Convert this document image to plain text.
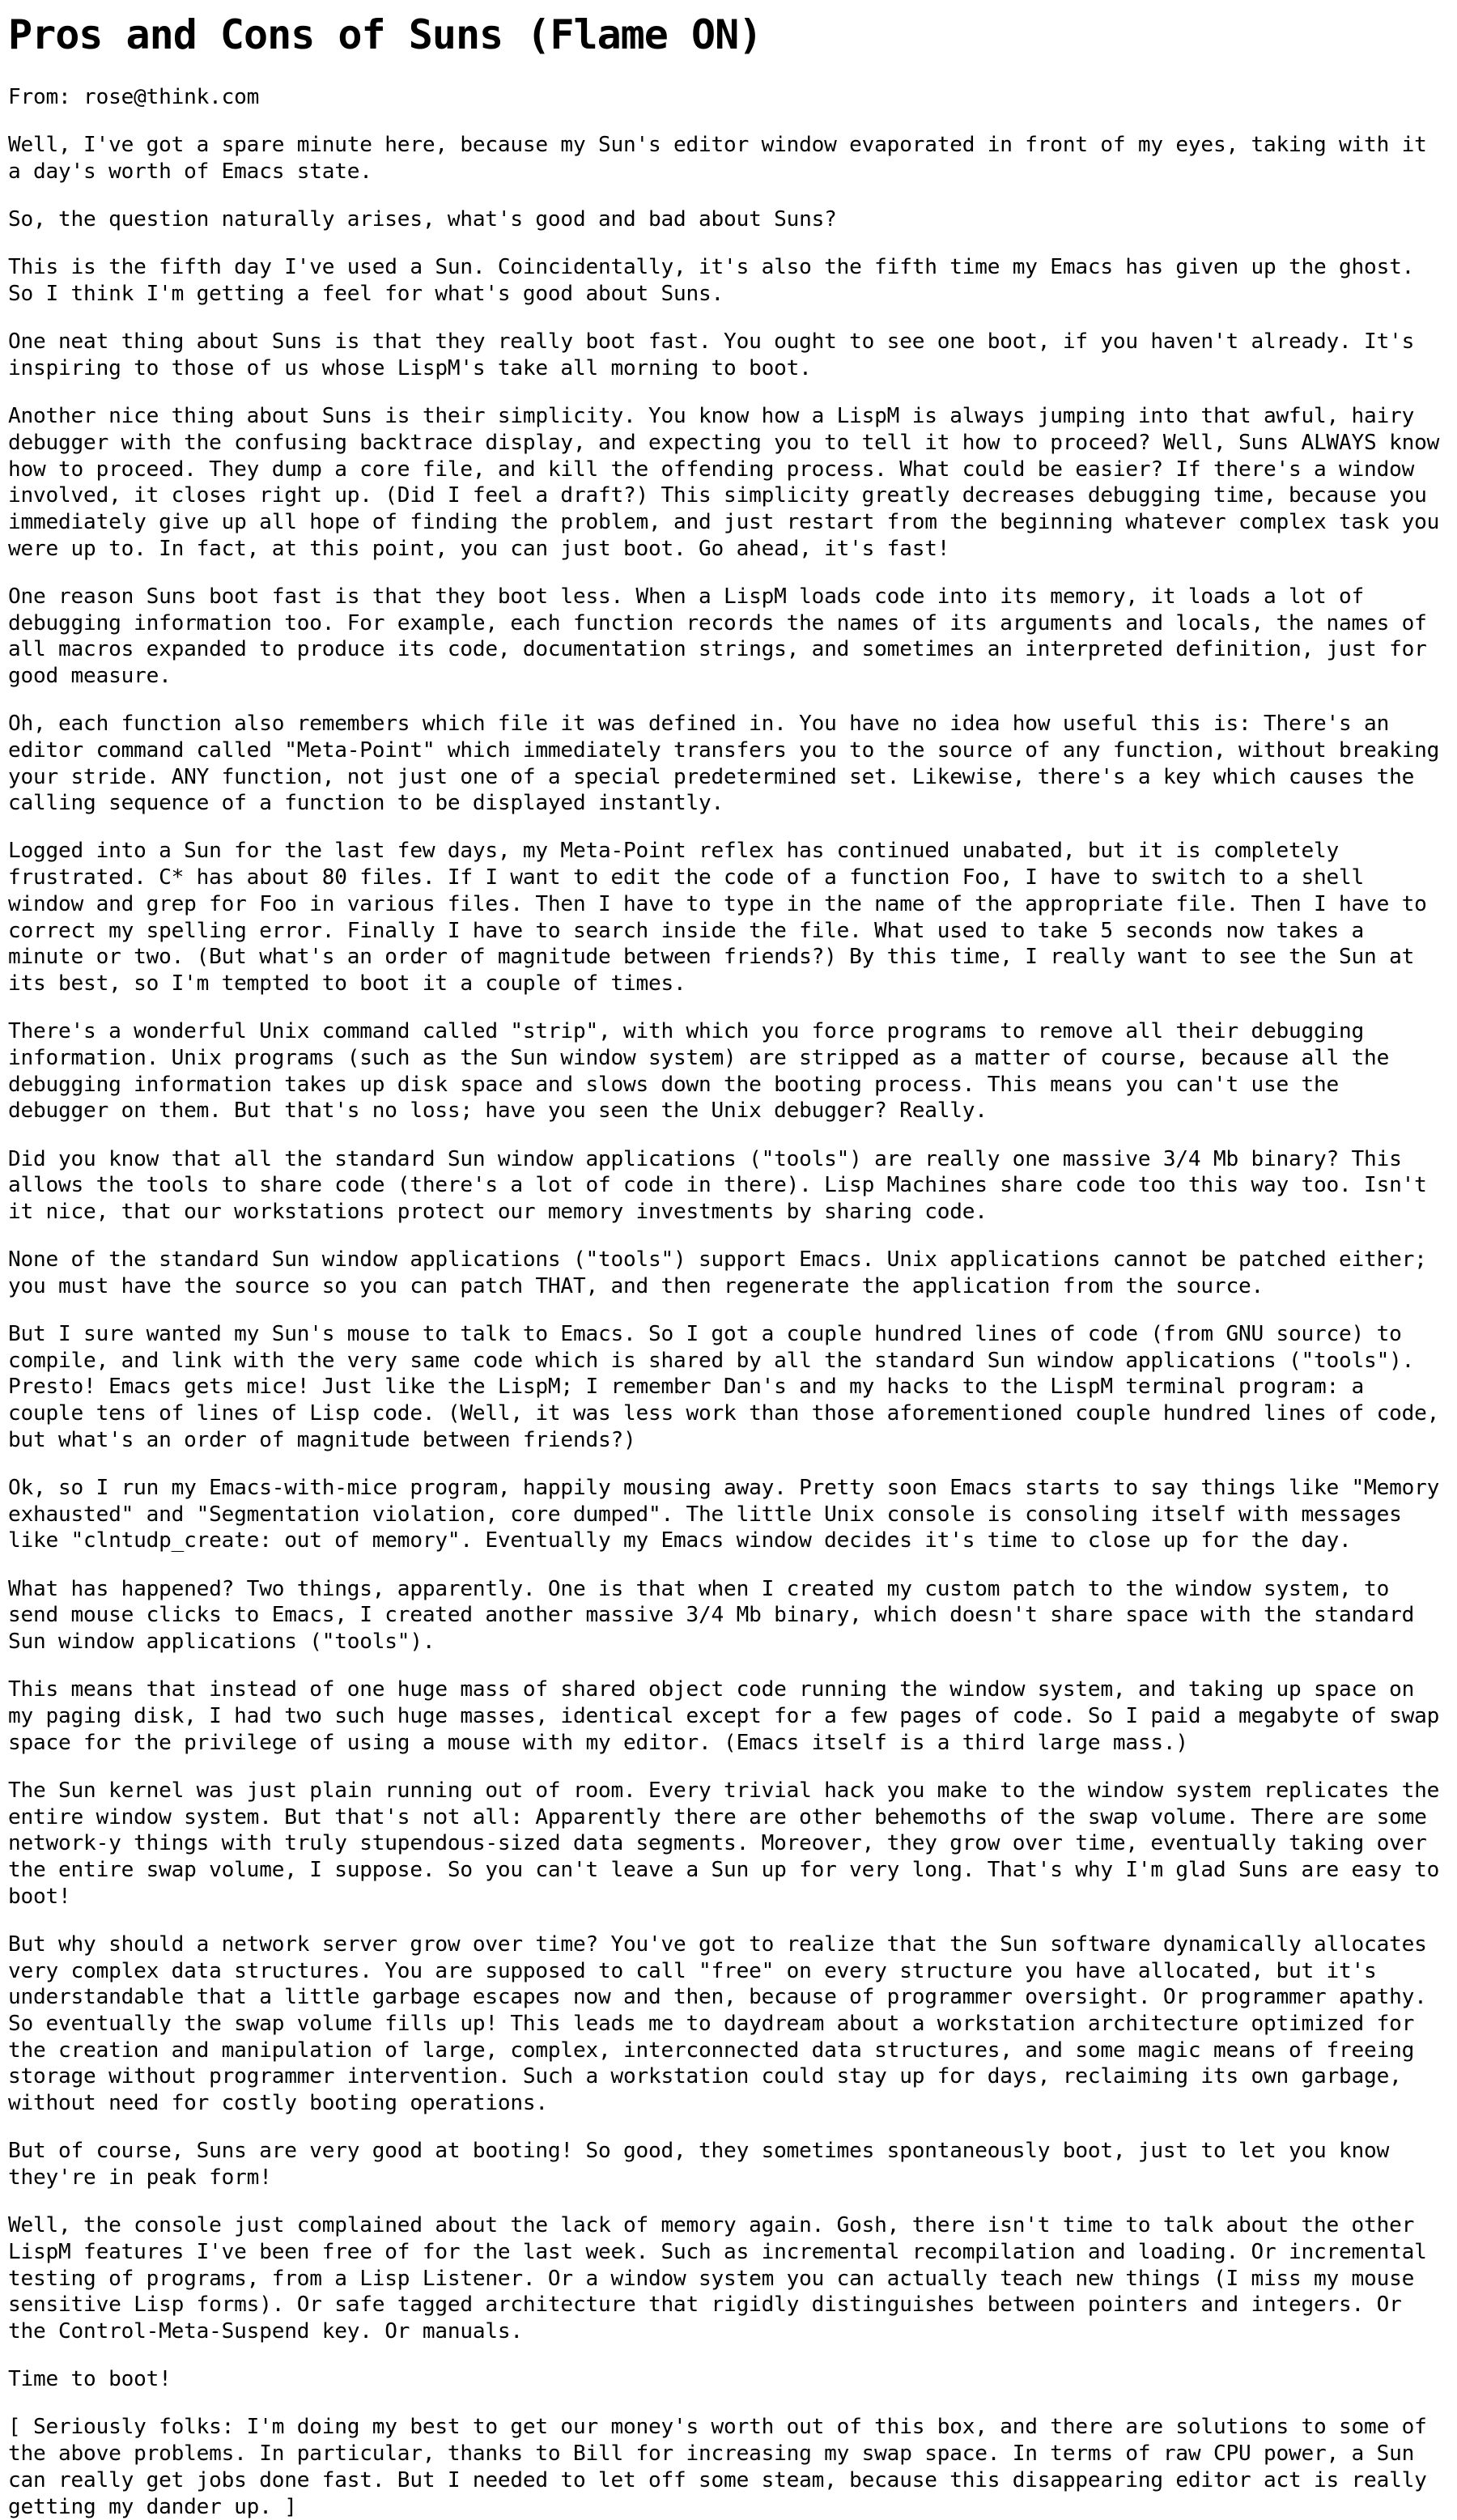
Pros and Cons of Suns (Flame ON)

From: rose@think.com

Well, I've got a spare minute here, because my Sun's editor window evaporated in front of my eyes, taking with it a day's worth of Emacs state.

So, the question naturally arises, what's good and bad about Suns?

This is the fifth day I've used a Sun. Coincidentally, it's also the fifth time my Emacs has given up the ghost. So I think I'm getting a feel for what's good about Suns.

One neat thing about Suns is that they really boot fast. You ought to see one boot, if you haven't already. It's inspiring to those of us whose LispM's take all morning to boot.

Another nice thing about Suns is their simplicity. You know how a LispM is always jumping into that awful, hairy debugger with the confusing backtrace display, and expecting you to tell it how to proceed? Well, Suns ALWAYS know how to proceed. They dump a core file, and kill the offending process. What could be easier? If there's a window involved, it closes right up. (Did I feel a draft?) This simplicity greatly decreases debugging time, because you immediately give up all hope of finding the problem, and just restart from the beginning whatever complex task you were up to. In fact, at this point, you can just boot. Go ahead, it's fast!

One reason Suns boot fast is that they boot less. When a LispM loads code into its memory, it loads a lot of debugging information too. For example, each function records the names of its arguments and locals, the names of all macros expanded to produce its code, documentation strings, and sometimes an interpreted definition, just for good measure.

Oh, each function also remembers which file it was defined in. You have no idea how useful this is: There's an editor command called "Meta-Point" which immediately transfers you to the source of any function, without breaking your stride. ANY function, not just one of a special predetermined set. Likewise, there's a key which causes the calling sequence of a function to be displayed instantly.

Logged into a Sun for the last few days, my Meta-Point reflex has continued unabated, but it is completely frustrated. C* has about 80 files. If I want to edit the code of a function Foo, I have to switch to a shell window and grep for Foo in various files. Then I have to type in the name of the appropriate file. Then I have to correct my spelling error. Finally I have to search inside the file. What used to take 5 seconds now takes a minute or two. (But what's an order of magnitude between friends?) By this time, I really want to see the Sun at its best, so I'm tempted to boot it a couple of times.

There's a wonderful Unix command called "strip", with which you force programs to remove all their debugging information. Unix programs (such as the Sun window system) are stripped as a matter of course, because all the debugging information takes up disk space and slows down the booting process. This means you can't use the debugger on them. But that's no loss; have you seen the Unix debugger? Really.

Did you know that all the standard Sun window applications ("tools") are really one massive 3/4 Mb binary? This allows the tools to share code (there's a lot of code in there). Lisp Machines share code too this way too. Isn't it nice, that our workstations protect our memory investments by sharing code.

None of the standard Sun window applications ("tools") support Emacs. Unix applications cannot be patched either; you must have the source so you can patch THAT, and then regenerate the application from the source.

But I sure wanted my Sun's mouse to talk to Emacs. So I got a couple hundred lines of code (from GNU source) to compile, and link with the very same code which is shared by all the standard Sun window applications ("tools"). Presto! Emacs gets mice! Just like the LispM; I remember Dan's and my hacks to the LispM terminal program: a couple tens of lines of Lisp code. (Well, it was less work than those aforementioned couple hundred lines of code, but what's an order of magnitude between friends?)

Ok, so I run my Emacs-with-mice program, happily mousing away. Pretty soon Emacs starts to say things like "Memory exhausted" and "Segmentation violation, core dumped". The little Unix console is consoling itself with messages like "clntudp_create: out of memory". Eventually my Emacs window decides it's time to close up for the day.

What has happened? Two things, apparently. One is that when I created my custom patch to the window system, to send mouse clicks to Emacs, I created another massive 3/4 Mb binary, which doesn't share space with the standard Sun window applications ("tools").

This means that instead of one huge mass of shared object code running the window system, and taking up space on my paging disk, I had two such huge masses, identical except for a few pages of code. So I paid a megabyte of swap space for the privilege of using a mouse with my editor. (Emacs itself is a third large mass.)

The Sun kernel was just plain running out of room. Every trivial hack you make to the window system replicates the entire window system. But that's not all: Apparently there are other behemoths of the swap volume. There are some network-y things with truly stupendous-sized data segments. Moreover, they grow over time, eventually taking over the entire swap volume, I suppose. So you can't leave a Sun up for very long. That's why I'm glad Suns are easy to boot!

But why should a network server grow over time? You've got to realize that the Sun software dynamically allocates very complex data structures. You are supposed to call "free" on every structure you have allocated, but it's understandable that a little garbage escapes now and then, because of programmer oversight. Or programmer apathy. So eventually the swap volume fills up! This leads me to daydream about a workstation architecture optimized for the creation and manipulation of large, complex, interconnected data structures, and some magic means of freeing storage without programmer intervention. Such a workstation could stay up for days, reclaiming its own garbage, without need for costly booting operations.

But of course, Suns are very good at booting! So good, they sometimes spontaneously boot, just to let you know they're in peak form!

Well, the console just complained about the lack of memory again. Gosh, there isn't time to talk about the other LispM features I've been free of for the last week. Such as incremental recompilation and loading. Or incremental testing of programs, from a Lisp Listener. Or a window system you can actually teach new things (I miss my mouse sensitive Lisp forms). Or safe tagged architecture that rigidly distinguishes between pointers and integers. Or the Control-Meta-Suspend key. Or manuals.

Time to boot!

[ Seriously folks: I'm doing my best to get our money's worth out of this box, and there are solutions to some of the above problems. In particular, thanks to Bill for increasing my swap space. In terms of raw CPU power, a Sun can really get jobs done fast. But I needed to let off some steam, because this disappearing editor act is really getting my dander up. ]
